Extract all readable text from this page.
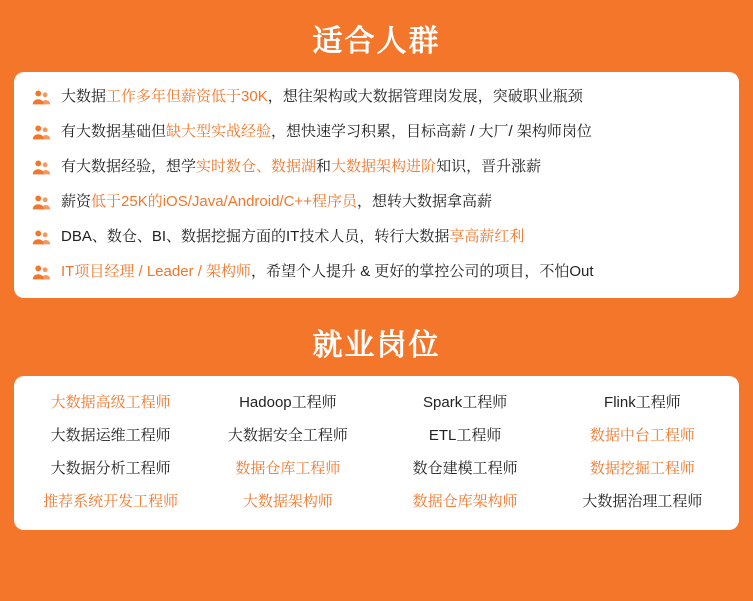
适合人群
大数据工作多年但薪资低于30K，想往架构或大数据管理岗发展，突破职业瓶颈
有大数据基础但缺大型实战经验，想快速学习积累，目标高薪 / 大厂/ 架构师岗位
有大数据经验，想学实时数仓、数据湖和大数据架构进阶知识，晋升涨薪
薪资低于25K的iOS/Java/Android/C++程序员，想转大数据拿高薪
DBA、数仓、BI、数据挖掘方面的IT技术人员，转行大数据享高薪红利
IT项目经理 / Leader / 架构师，希望个人提升 & 更好的掌控公司的项目，不怕Out
就业岗位
大数据高级工程师	Hadoop工程师	Spark工程师	Flink工程师
大数据运维工程师	大数据安全工程师	ETL工程师	数据中台工程师
大数据分析工程师	数据仓库工程师	数仓建模工程师	数据挖掘工程师
推荐系统开发工程师	大数据架构师	数据仓库架构师	大数据治理工程师
